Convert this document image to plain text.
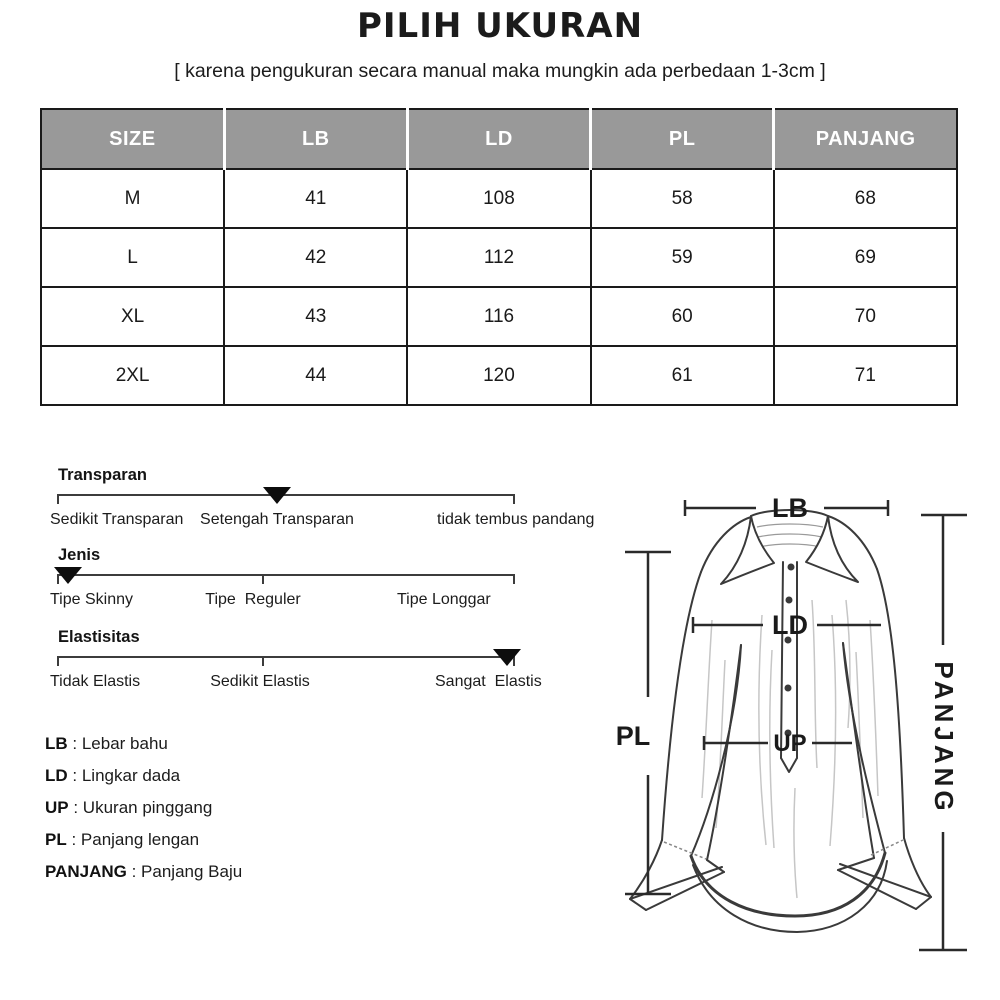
PILIH UKURAN

[ karena pengukuran secara manual maka mungkin ada perbedaan 1-3cm ]

SIZE	LB	LD	PL	PANJANG
M	41	108	58	68
L	42	112	59	69
XL	43	116	60	70
2XL	44	120	61	71
Transparan
Sedikit Transparan Setengah Transparan	tidak tembus pandang
Jenis
Tipe Skinny	Tipe  Reguler	Tipe Longgar
Elastisitas
Tidak Elastis	Sedikit Elastis	Sangat  Elastis
LB : Lebar bahu
LD : Lingkar dada
UP : Ukuran pinggang
PL : Panjang lengan
PANJANG : Panjang Baju
LB
LD
UP
PL	PANJANG
